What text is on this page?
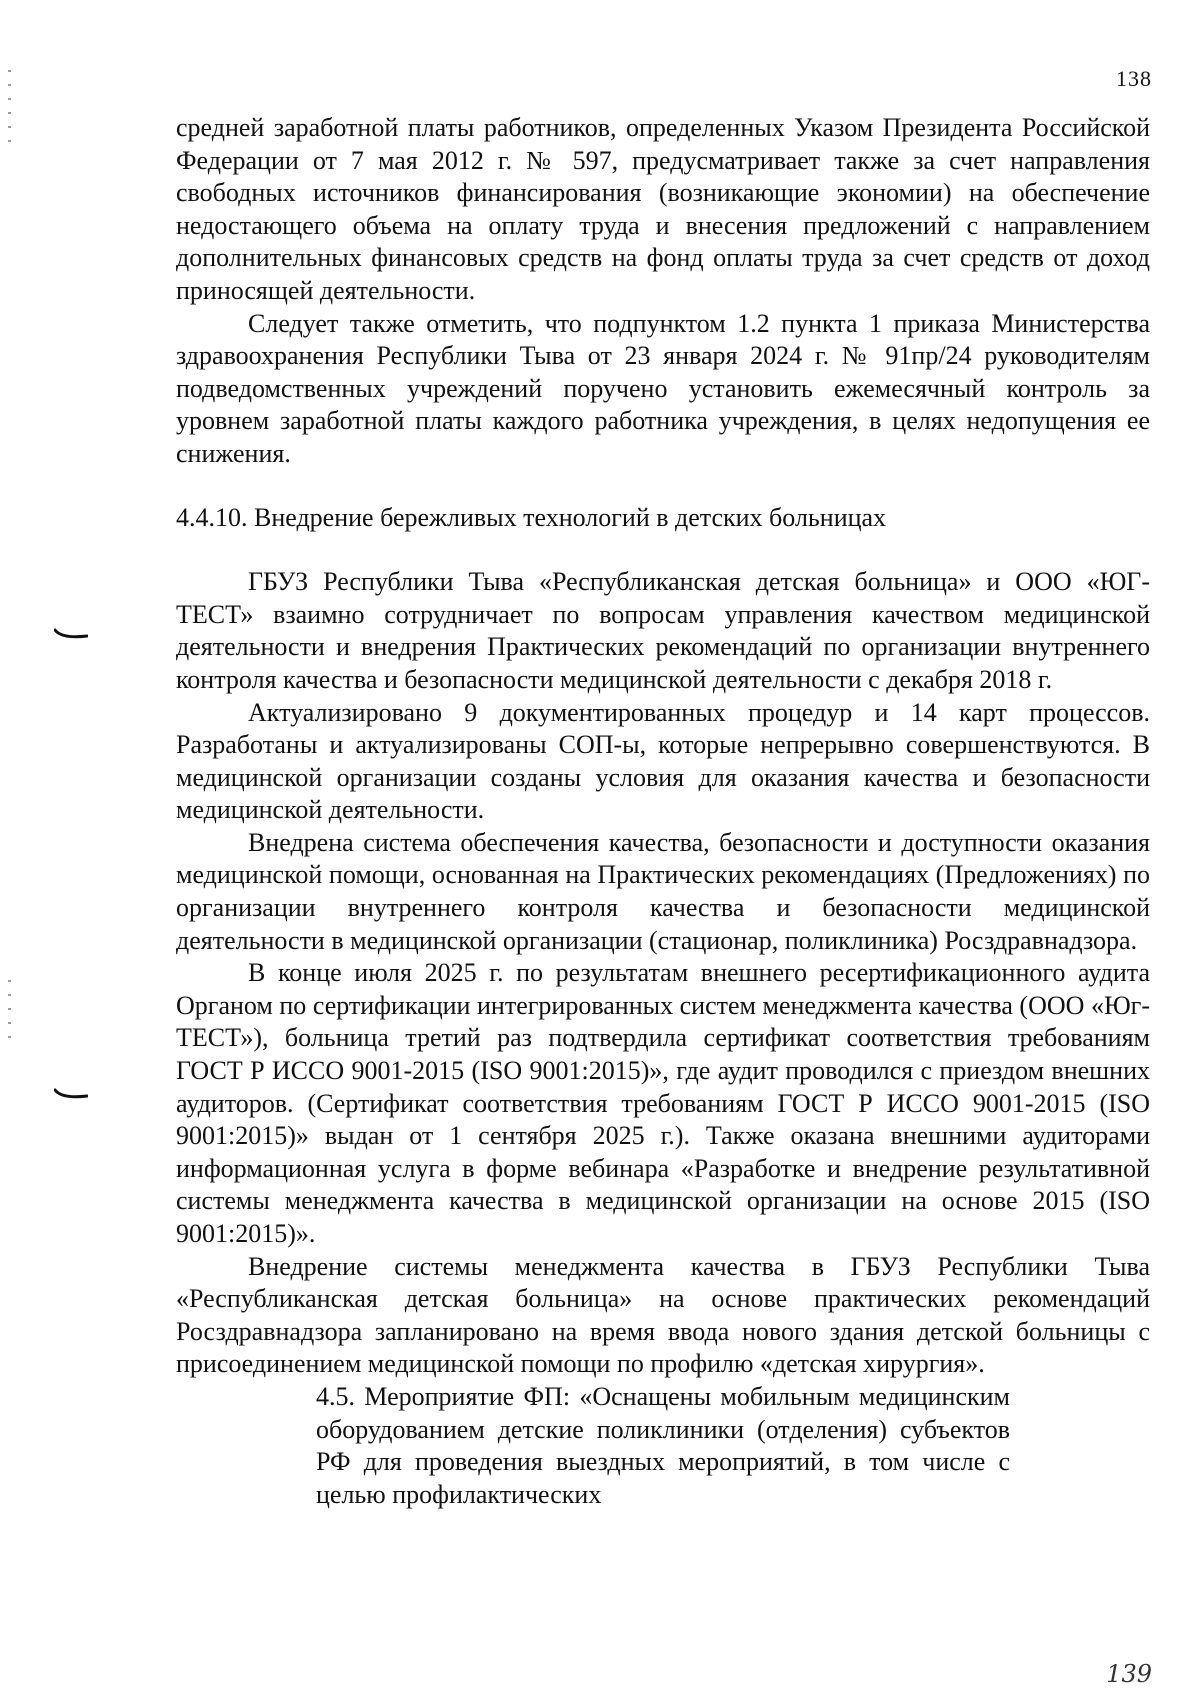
138

средней заработной платы работников, определенных Указом Президента Российской Федерации от 7 мая 2012 г. № 597, предусматривает также за счет направления свободных источников финансирования (возникающие экономии) на обеспечение недостающего объема на оплату труда и внесения предложений с направлением дополнительных финансовых средств на фонд оплаты труда за счет средств от доход приносящей деятельности.

Следует также отметить, что подпунктом 1.2 пункта 1 приказа Министерства здравоохранения Республики Тыва от 23 января 2024 г. № 91пр/24 руководителям подведомственных учреждений поручено установить ежемесячный контроль за уровнем заработной платы каждого работника учреждения, в целях недопущения ее снижения.

4.4.10. Внедрение бережливых технологий в детских больницах

ГБУЗ Республики Тыва «Республиканская детская больница» и ООО «ЮГ-ТЕСТ» взаимно сотрудничает по вопросам управления качеством медицинской деятельности и внедрения Практических рекомендаций по организации внутреннего контроля качества и безопасности медицинской деятельности с декабря 2018 г.

Актуализировано 9 документированных процедур и 14 карт процессов. Разработаны и актуализированы СОП-ы, которые непрерывно совершенствуются. В медицинской организации созданы условия для оказания качества и безопасности медицинской деятельности.

Внедрена система обеспечения качества, безопасности и доступности оказания медицинской помощи, основанная на Практических рекомендациях (Предложениях) по организации внутреннего контроля качества и безопасности медицинской деятельности в медицинской организации (стационар, поликлиника) Росздравнадзора.

В конце июля 2025 г. по результатам внешнего ресертификационного аудита Органом по сертификации интегрированных систем менеджмента качества (ООО «Юг-ТЕСТ»), больница третий раз подтвердила сертификат соответствия требованиям ГОСТ Р ИССО 9001-2015 (ISO 9001:2015)», где аудит проводился с приездом внешних аудиторов. (Сертификат соответствия требованиям ГОСТ Р ИССО 9001-2015 (ISO 9001:2015)» выдан от 1 сентября 2025 г.). Также оказана внешними аудиторами информационная услуга в форме вебинара «Разработке и внедрение результативной системы менеджмента качества в медицинской организации на основе 2015 (ISO 9001:2015)».

Внедрение системы менеджмента качества в ГБУЗ Республики Тыва «Республиканская детская больница» на основе практических рекомендаций Росздравнадзора запланировано на время ввода нового здания детской больницы с присоединением медицинской помощи по профилю «детская хирургия».

4.5. Мероприятие ФП: «Оснащены мобильным медицинским оборудованием детские поликлиники (отделения) субъектов РФ для проведения выездных мероприятий, в том числе с целью профилактических

139
